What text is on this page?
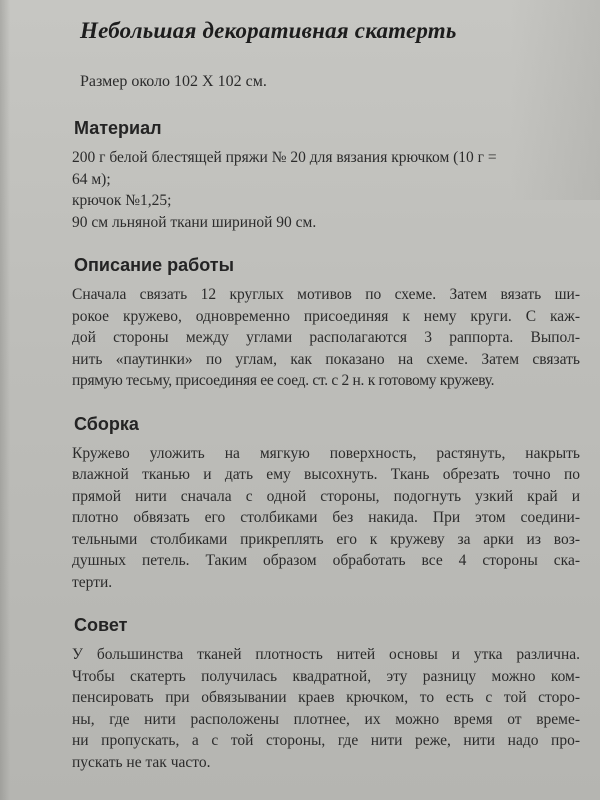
Небольшая декоративная скатерть
Размер около 102 Х 102 см.
Материал
200 г белой блестящей пряжи № 20 для вязания крючком (10 г =
64 м);
крючок №1,25;
90 см льняной ткани шириной 90 см.
Описание работы
Сначала связать 12 круглых мотивов по схеме. Затем вязать ши-
рокое кружево, одновременно присоединяя к нему круги. С каж-
дой стороны между углами располагаются 3 раппорта. Выпол-
нить «паутинки» по углам, как показано на схеме. Затем связать
прямую тесьму, присоединяя ее соед. ст. с 2 н. к готовому кружеву.
Сборка
Кружево уложить на мягкую поверхность, растянуть, накрыть
влажной тканью и дать ему высохнуть. Ткань обрезать точно по
прямой нити сначала с одной стороны, подогнуть узкий край и
плотно обвязать его столбиками без накида. При этом соедини-
тельными столбиками прикреплять его к кружеву за арки из воз-
душных петель. Таким образом обработать все 4 стороны ска-
терти.
Совет
У большинства тканей плотность нитей основы и утка различна.
Чтобы скатерть получилась квадратной, эту разницу можно ком-
пенсировать при обвязывании краев крючком, то есть с той сторо-
ны, где нити расположены плотнее, их можно время от време-
ни пропускать, а с той стороны, где нити реже, нити надо про-
пускать не так часто.
